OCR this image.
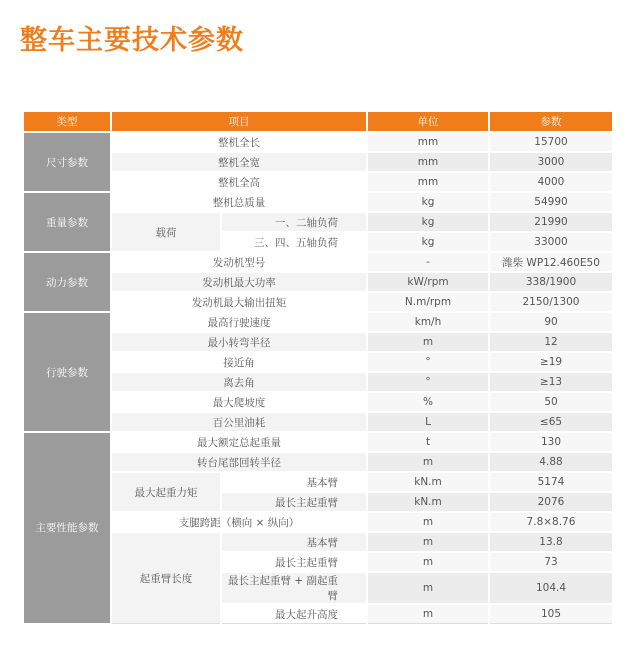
整车主要技术参数
类型	项目		单位	参数
尺寸参数	整机全长		mm	15700
	整机全宽		mm	3000
	整机全高		mm	4000
重量参数	整机总质量		kg	54990
	载荷	一、二轴负荷	kg	21990
		三、四、五轴负荷	kg	33000
动力参数	发动机型号		-	潍柴 WP12.460E50
	发动机最大功率		kW/rpm	338/1900
	发动机最大输出扭矩		N.m/rpm	2150/1300
行驶参数	最高行驶速度		km/h	90
	最小转弯半径		m	12
	接近角		°	≥19
	离去角		°	≥13
	最大爬坡度		%	50
	百公里油耗		L	≤65
主要性能参数	最大额定总起重量		t	130
	转台尾部回转半径		m	4.88
	最大起重力矩	基本臂	kN.m	5174
		最长主起重臂	kN.m	2076
	支腿跨距（横向 × 纵向）		m	7.8×8.76
	起重臂长度	基本臂	m	13.8
		最长主起重臂	m	73
		最长主起重臂 + 副起重臂	m	104.4
		最大起升高度	m	105
